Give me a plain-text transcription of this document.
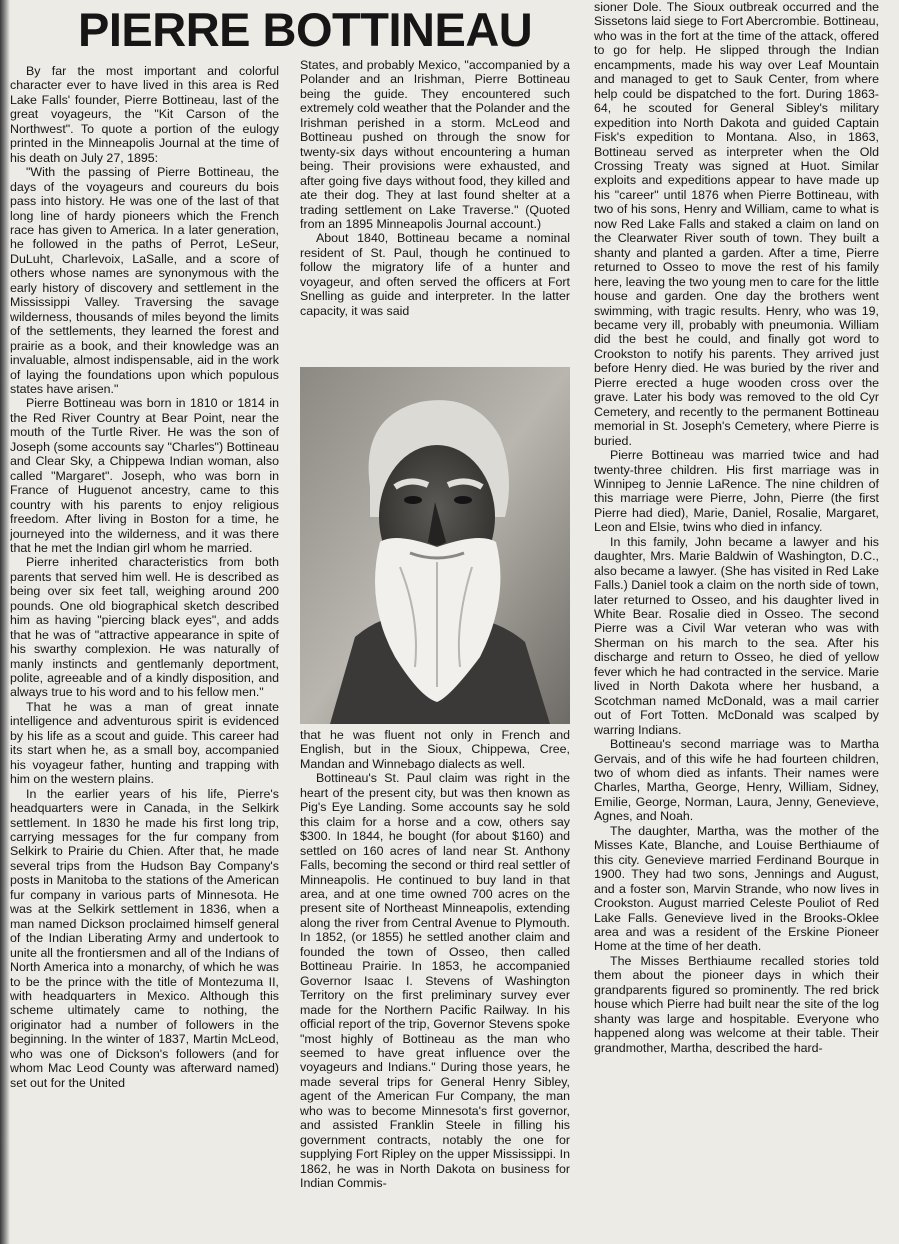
PIERRE BOTTINEAU

By far the most important and colorful character ever to have lived in this area is Red Lake Falls' founder, Pierre Bottineau, last of the great voyageurs, the "Kit Carson of the Northwest". To quote a portion of the eulogy printed in the Minneapolis Journal at the time of his death on July 27, 1895:

"With the passing of Pierre Bottineau, the days of the voyageurs and coureurs du bois pass into history. He was one of the last of that long line of hardy pioneers which the French race has given to America. In a later generation, he followed in the paths of Perrot, LeSeur, DuLuht, Charlevoix, LaSalle, and a score of others whose names are synonymous with the early history of discovery and settlement in the Mississippi Valley. Traversing the savage wilderness, thousands of miles beyond the limits of the settlements, they learned the forest and prairie as a book, and their knowledge was an invaluable, almost indispensable, aid in the work of laying the foundations upon which populous states have arisen."

Pierre Bottineau was born in 1810 or 1814 in the Red River Country at Bear Point, near the mouth of the Turtle River. He was the son of Joseph (some accounts say "Charles") Bottineau and Clear Sky, a Chippewa Indian woman, also called "Margaret". Joseph, who was born in France of Huguenot ancestry, came to this country with his parents to enjoy religious freedom. After living in Boston for a time, he journeyed into the wilderness, and it was there that he met the Indian girl whom he married.

Pierre inherited characteristics from both parents that served him well. He is described as being over six feet tall, weighing around 200 pounds. One old biographical sketch described him as having "piercing black eyes", and adds that he was of "attractive appearance in spite of his swarthy complexion. He was naturally of manly instincts and gentlemanly deportment, polite, agreeable and of a kindly disposition, and always true to his word and to his fellow men."

That he was a man of great innate intelligence and adventurous spirit is evidenced by his life as a scout and guide. This career had its start when he, as a small boy, accompanied his voyageur father, hunting and trapping with him on the western plains.

In the earlier years of his life, Pierre's headquarters were in Canada, in the Selkirk settlement. In 1830 he made his first long trip, carrying messages for the fur company from Selkirk to Prairie du Chien. After that, he made several trips from the Hudson Bay Company's posts in Manitoba to the stations of the American fur company in various parts of Minnesota. He was at the Selkirk settlement in 1836, when a man named Dickson proclaimed himself general of the Indian Liberating Army and undertook to unite all the frontiersmen and all of the Indians of North America into a monarchy, of which he was to be the prince with the title of Montezuma II, with headquarters in Mexico. Although this scheme ultimately came to nothing, the originator had a number of followers in the beginning. In the winter of 1837, Martin McLeod, who was one of Dickson's followers (and for whom Mac Leod County was afterward named) set out for the United

States, and probably Mexico, "accompanied by a Polander and an Irishman, Pierre Bottineau being the guide. They encountered such extremely cold weather that the Polander and the Irishman perished in a storm. McLeod and Bottineau pushed on through the snow for twenty-six days without encountering a human being. Their provisions were exhausted, and after going five days without food, they killed and ate their dog. They at last found shelter at a trading settlement on Lake Traverse." (Quoted from an 1895 Minneapolis Journal account.)

About 1840, Bottineau became a nominal resident of St. Paul, though he continued to follow the migratory life of a hunter and voyageur, and often served the officers at Fort Snelling as guide and interpreter. In the latter capacity, it was said

that he was fluent not only in French and English, but in the Sioux, Chippewa, Cree, Mandan and Winnebago dialects as well.

Bottineau's St. Paul claim was right in the heart of the present city, but was then known as Pig's Eye Landing. Some accounts say he sold this claim for a horse and a cow, others say $300. In 1844, he bought (for about $160) and settled on 160 acres of land near St. Anthony Falls, becoming the second or third real settler of Minneapolis. He continued to buy land in that area, and at one time owned 700 acres on the present site of Northeast Minneapolis, extending along the river from Central Avenue to Plymouth. In 1852, (or 1855) he settled another claim and founded the town of Osseo, then called Bottineau Prairie. In 1853, he accompanied Governor Isaac I. Stevens of Washington Territory on the first preliminary survey ever made for the Northern Pacific Railway. In his official report of the trip, Governor Stevens spoke "most highly of Bottineau as the man who seemed to have great influence over the voyageurs and Indians." During those years, he made several trips for General Henry Sibley, agent of the American Fur Company, the man who was to become Minnesota's first governor, and assisted Franklin Steele in filling his government contracts, notably the one for supplying Fort Ripley on the upper Mississippi. In 1862, he was in North Dakota on business for Indian Commis-

sioner Dole. The Sioux outbreak occurred and the Sissetons laid siege to Fort Abercrombie. Bottineau, who was in the fort at the time of the attack, offered to go for help. He slipped through the Indian encampments, made his way over Leaf Mountain and managed to get to Sauk Center, from where help could be dispatched to the fort. During 1863-64, he scouted for General Sibley's military expedition into North Dakota and guided Captain Fisk's expedition to Montana. Also, in 1863, Bottineau served as interpreter when the Old Crossing Treaty was signed at Huot. Similar exploits and expeditions appear to have made up his "career" until 1876 when Pierre Bottineau, with two of his sons, Henry and William, came to what is now Red Lake Falls and staked a claim on land on the Clearwater River south of town. They built a shanty and planted a garden. After a time, Pierre returned to Osseo to move the rest of his family here, leaving the two young men to care for the little house and garden. One day the brothers went swimming, with tragic results. Henry, who was 19, became very ill, probably with pneumonia. William did the best he could, and finally got word to Crookston to notify his parents. They arrived just before Henry died. He was buried by the river and Pierre erected a huge wooden cross over the grave. Later his body was removed to the old Cyr Cemetery, and recently to the permanent Bottineau memorial in St. Joseph's Cemetery, where Pierre is buried.

Pierre Bottineau was married twice and had twenty-three children. His first marriage was in Winnipeg to Jennie LaRence. The nine children of this marriage were Pierre, John, Pierre (the first Pierre had died), Marie, Daniel, Rosalie, Margaret, Leon and Elsie, twins who died in infancy.

In this family, John became a lawyer and his daughter, Mrs. Marie Baldwin of Washington, D.C., also became a lawyer. (She has visited in Red Lake Falls.) Daniel took a claim on the north side of town, later returned to Osseo, and his daughter lived in White Bear. Rosalie died in Osseo. The second Pierre was a Civil War veteran who was with Sherman on his march to the sea. After his discharge and return to Osseo, he died of yellow fever which he had contracted in the service. Marie lived in North Dakota where her husband, a Scotchman named McDonald, was a mail carrier out of Fort Totten. McDonald was scalped by warring Indians.

Bottineau's second marriage was to Martha Gervais, and of this wife he had fourteen children, two of whom died as infants. Their names were Charles, Martha, George, Henry, William, Sidney, Emilie, George, Norman, Laura, Jenny, Genevieve, Agnes, and Noah.

The daughter, Martha, was the mother of the Misses Kate, Blanche, and Louise Berthiaume of this city. Genevieve married Ferdinand Bourque in 1900. They had two sons, Jennings and August, and a foster son, Marvin Strande, who now lives in Crookston. August married Celeste Pouliot of Red Lake Falls. Genevieve lived in the Brooks-Oklee area and was a resident of the Erskine Pioneer Home at the time of her death.

The Misses Berthiaume recalled stories told them about the pioneer days in which their grandparents figured so prominently. The red brick house which Pierre had built near the site of the log shanty was large and hospitable. Everyone who happened along was welcome at their table. Their grandmother, Martha, described the hard-
